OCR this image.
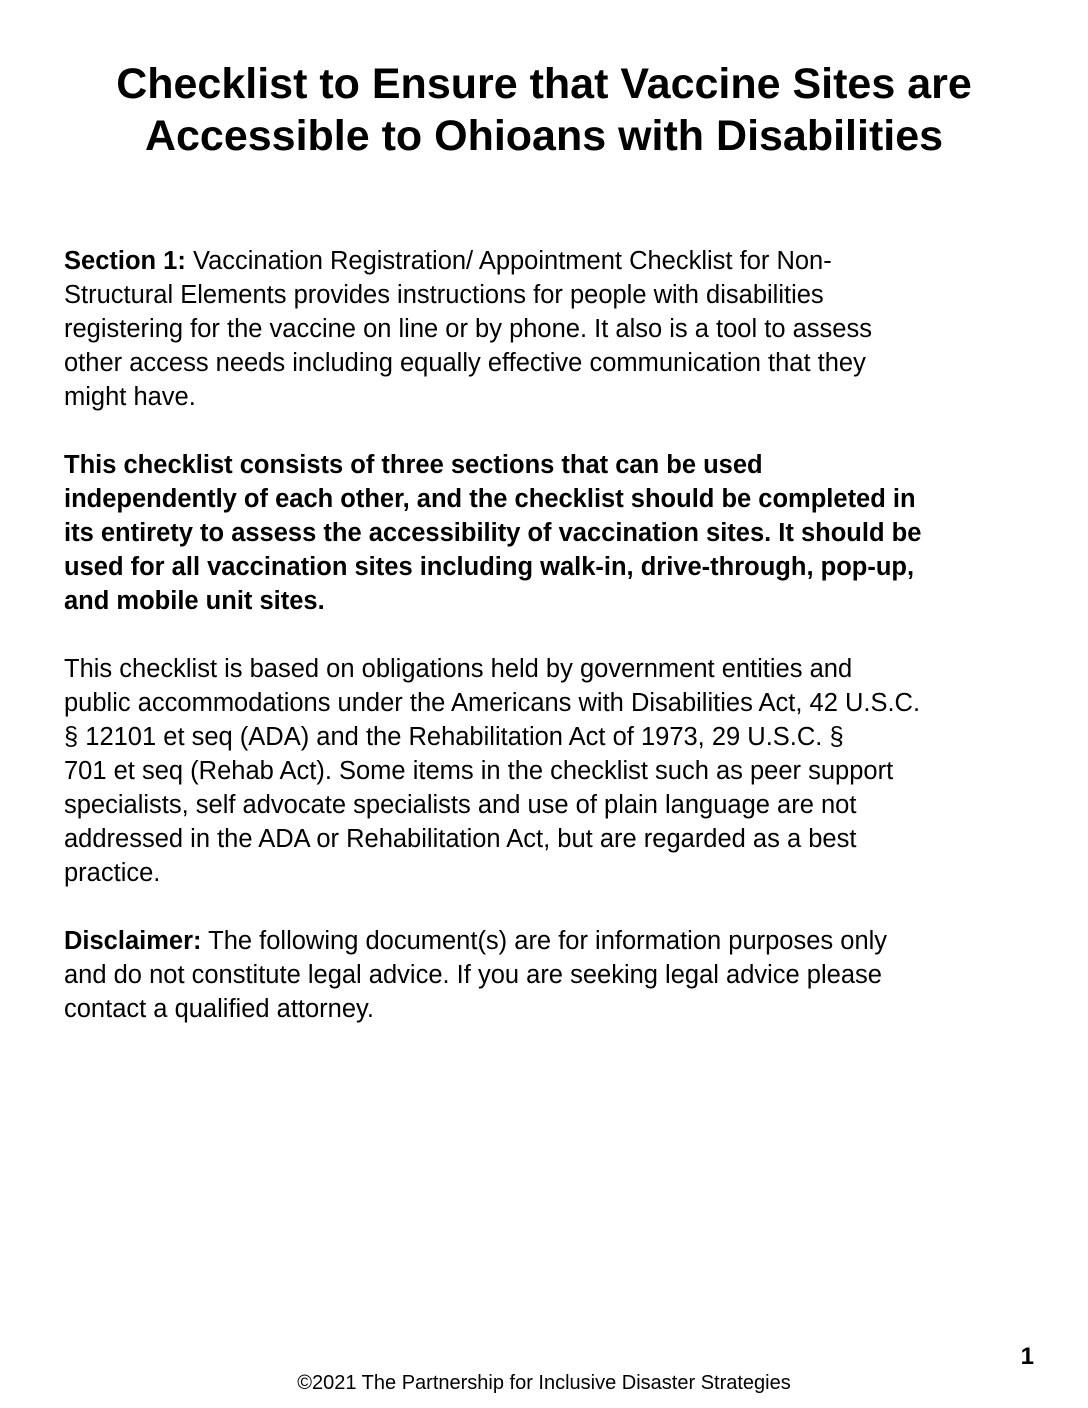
Checklist to Ensure that Vaccine Sites are
Accessible to Ohioans with Disabilities

Section 1: Vaccination Registration/ Appointment Checklist for Non-
Structural Elements provides instructions for people with disabilities
registering for the vaccine on line or by phone. It also is a tool to assess
other access needs including equally effective communication that they
might have.

This checklist consists of three sections that can be used
independently of each other, and the checklist should be completed in
its entirety to assess the accessibility of vaccination sites. It should be
used for all vaccination sites including walk-in, drive-through, pop-up,
and mobile unit sites.

This checklist is based on obligations held by government entities and
public accommodations under the Americans with Disabilities Act, 42 U.S.C.
§ 12101 et seq (ADA) and the Rehabilitation Act of 1973, 29 U.S.C. §
701 et seq (Rehab Act). Some items in the checklist such as peer support
specialists, self advocate specialists and use of plain language are not
addressed in the ADA or Rehabilitation Act, but are regarded as a best
practice.

Disclaimer: The following document(s) are for information purposes only
and do not constitute legal advice. If you are seeking legal advice please
contact a qualified attorney.

1
©2021 The Partnership for Inclusive Disaster Strategies
